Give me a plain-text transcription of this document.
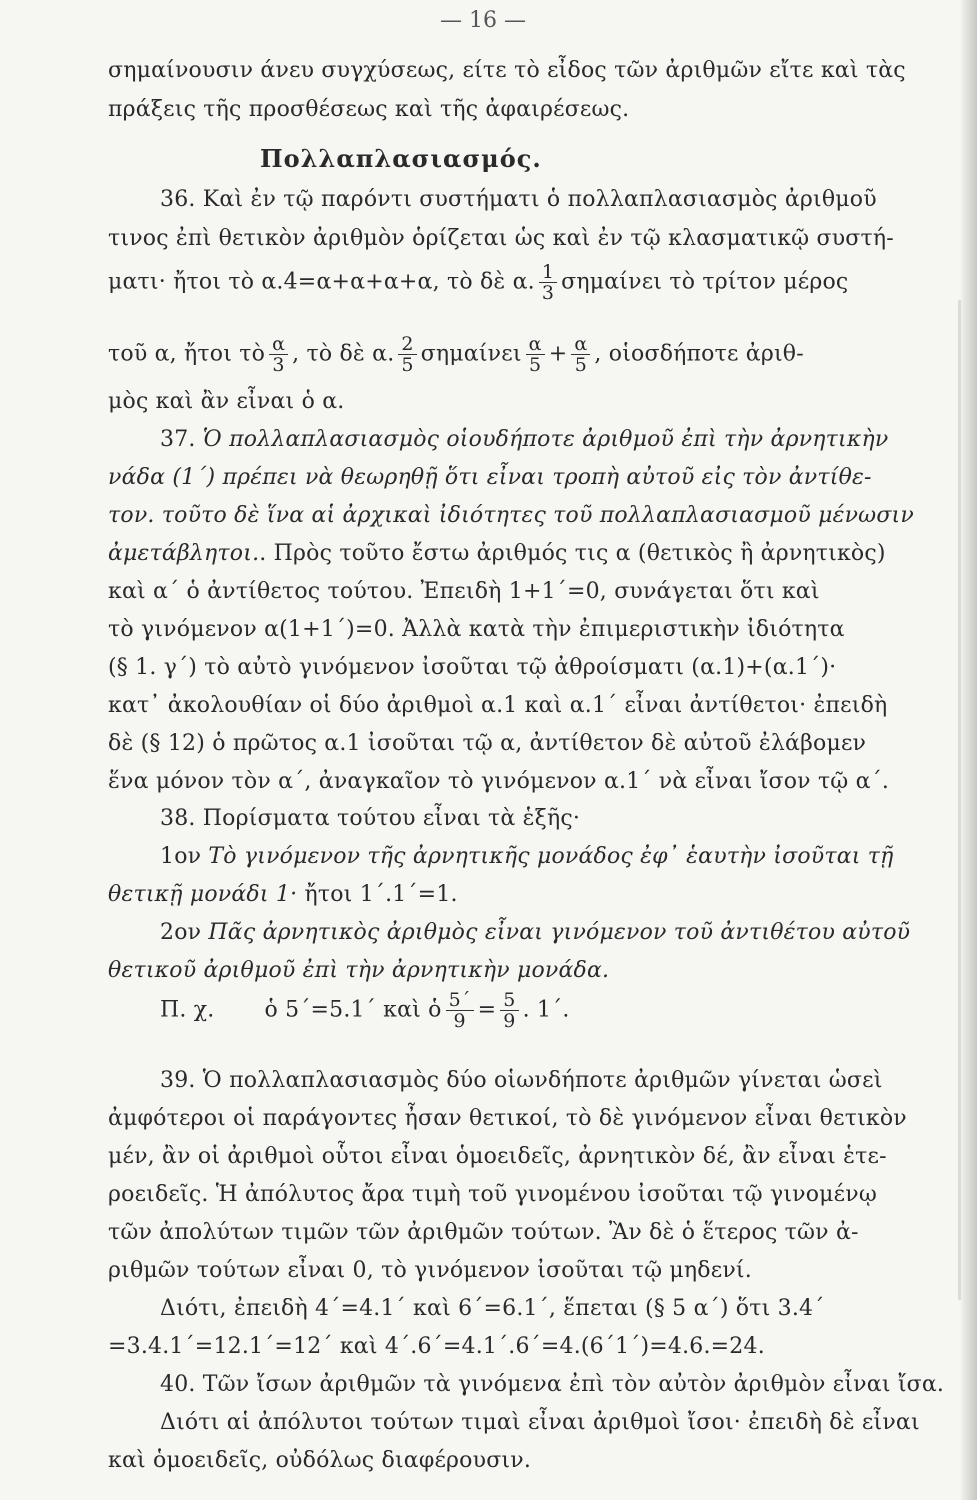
— 16 —
σημαίνουσιν άνευ συγχύσεως, είτε τὸ εἶδος τῶν ἀριθμῶν εἴτε καὶ τὰς
πράξεις τῆς προσθέσεως καὶ τῆς ἀφαιρέσεως.
Πολλαπλασιασμός.
36. Καὶ ἐν τῷ παρόντι συστήματι ὁ πολλαπλασιασμὸς ἀριθμοῦ
τινος ἐπὶ θετικὸν ἀριθμὸν ὁρίζεται ὡς καὶ ἐν τῷ κλασματικῷ συστή-
ματι· ἤτοι τὸ α.4=α+α+α+α, τὸ δὲ α. $\frac{1}{3}$ σημαίνει τὸ τρίτον μέρος
τοῦ α, ἤτοι τὸ $\frac{\alpha}{3}$ , τὸ δὲ α. $\frac{2}{5}$ σημαίνει $\frac{\alpha}{5} + \frac{\alpha}{5}$ , οἱοσδήποτε ἀριθ-
μὸς καὶ ἂν εἶναι ὁ α.
37. Ὁ πολλαπλασιασμὸς οἱουδήποτε ἀριθμοῦ ἐπὶ τὴν ἀρνητικὴν
νάδα (1΄) πρέπει νὰ θεωρηθῇ ὅτι εἶναι τροπὴ αὐτοῦ εἰς τὸν ἀντίθε-
τον. τοῦτο δὲ ἵνα αἱ ἀρχικαὶ ἰδιότητες τοῦ πολλαπλασιασμοῦ μένωσιν
ἀμετάβλητοι.. Πρὸς τοῦτο ἔστω ἀριθμός τις α (θετικὸς ἢ ἀρνητικὸς)
καὶ α΄ ὁ ἀντίθετος τούτου. Ἐπειδὴ 1+1΄=0, συνάγεται ὅτι καὶ
τὸ γινόμενον α(1+1΄)=0. Ἀλλὰ κατὰ τὴν ἐπιμεριστικὴν ἰδιότητα
(§ 1. γ΄) τὸ αὐτὸ γινόμενον ἰσοῦται τῷ ἀθροίσματι (α.1)+(α.1΄)·
κατ᾿ ἀκολουθίαν οἱ δύο ἀριθμοὶ α.1 καὶ α.1΄ εἶναι ἀντίθετοι· ἐπειδὴ
δὲ (§ 12) ὁ πρῶτος α.1 ἰσοῦται τῷ α, ἀντίθετον δὲ αὐτοῦ ἐλάβομεν
ἕνα μόνον τὸν α΄, ἀναγκαῖον τὸ γινόμενον α.1΄ νὰ εἶναι ἴσον τῷ α΄.
38. Πορίσματα τούτου εἶναι τὰ ἑξῆς·
1ον Τὸ γινόμενον τῆς ἀρνητικῆς μονάδος ἐφ᾿ ἑαυτὴν ἰσοῦται τῇ
θετικῇ μονάδι 1· ἤτοι 1΄.1΄=1.
2ον Πᾶς ἀρνητικὸς ἀριθμὸς εἶναι γινόμενον τοῦ ἀντιθέτου αὐτοῦ
θετικοῦ ἀριθμοῦ ἐπὶ τὴν ἀρνητικὴν μονάδα.
Π. χ. ὁ 5΄=5.1΄ καὶ ὁ $\frac{5΄}{9} = \frac{5}{9}$ . 1΄.
39. Ὁ πολλαπλασιασμὸς δύο οἱωνδήποτε ἀριθμῶν γίνεται ὡσεὶ
ἀμφότεροι οἱ παράγοντες ἦσαν θετικοί, τὸ δὲ γινόμενον εἶναι θετικὸν
μέν, ἂν οἱ ἀριθμοὶ οὗτοι εἶναι ὁμοειδεῖς, ἀρνητικὸν δέ, ἂν εἶναι ἑτε-
ροειδεῖς. Ἡ ἀπόλυτος ἄρα τιμὴ τοῦ γινομένου ἰσοῦται τῷ γινομένῳ
τῶν ἀπολύτων τιμῶν τῶν ἀριθμῶν τούτων. Ἂν δὲ ὁ ἕτερος τῶν ἀ-
ριθμῶν τούτων εἶναι 0, τὸ γινόμενον ἰσοῦται τῷ μηδενί.
Διότι, ἐπειδὴ 4΄=4.1΄ καὶ 6΄=6.1΄, ἕπεται (§ 5 α΄) ὅτι 3.4΄
=3.4.1΄=12.1΄=12΄ καὶ 4΄.6΄=4.1΄.6΄=4.(6΄1΄)=4.6.=24.
40. Τῶν ἴσων ἀριθμῶν τὰ γινόμενα ἐπὶ τὸν αὐτὸν ἀριθμὸν εἶναι ἴσα.
Διότι αἱ ἀπόλυτοι τούτων τιμαὶ εἶναι ἀριθμοὶ ἴσοι· ἐπειδὴ δὲ εἶναι
καὶ ὁμοειδεῖς, οὐδόλως διαφέρουσιν.
